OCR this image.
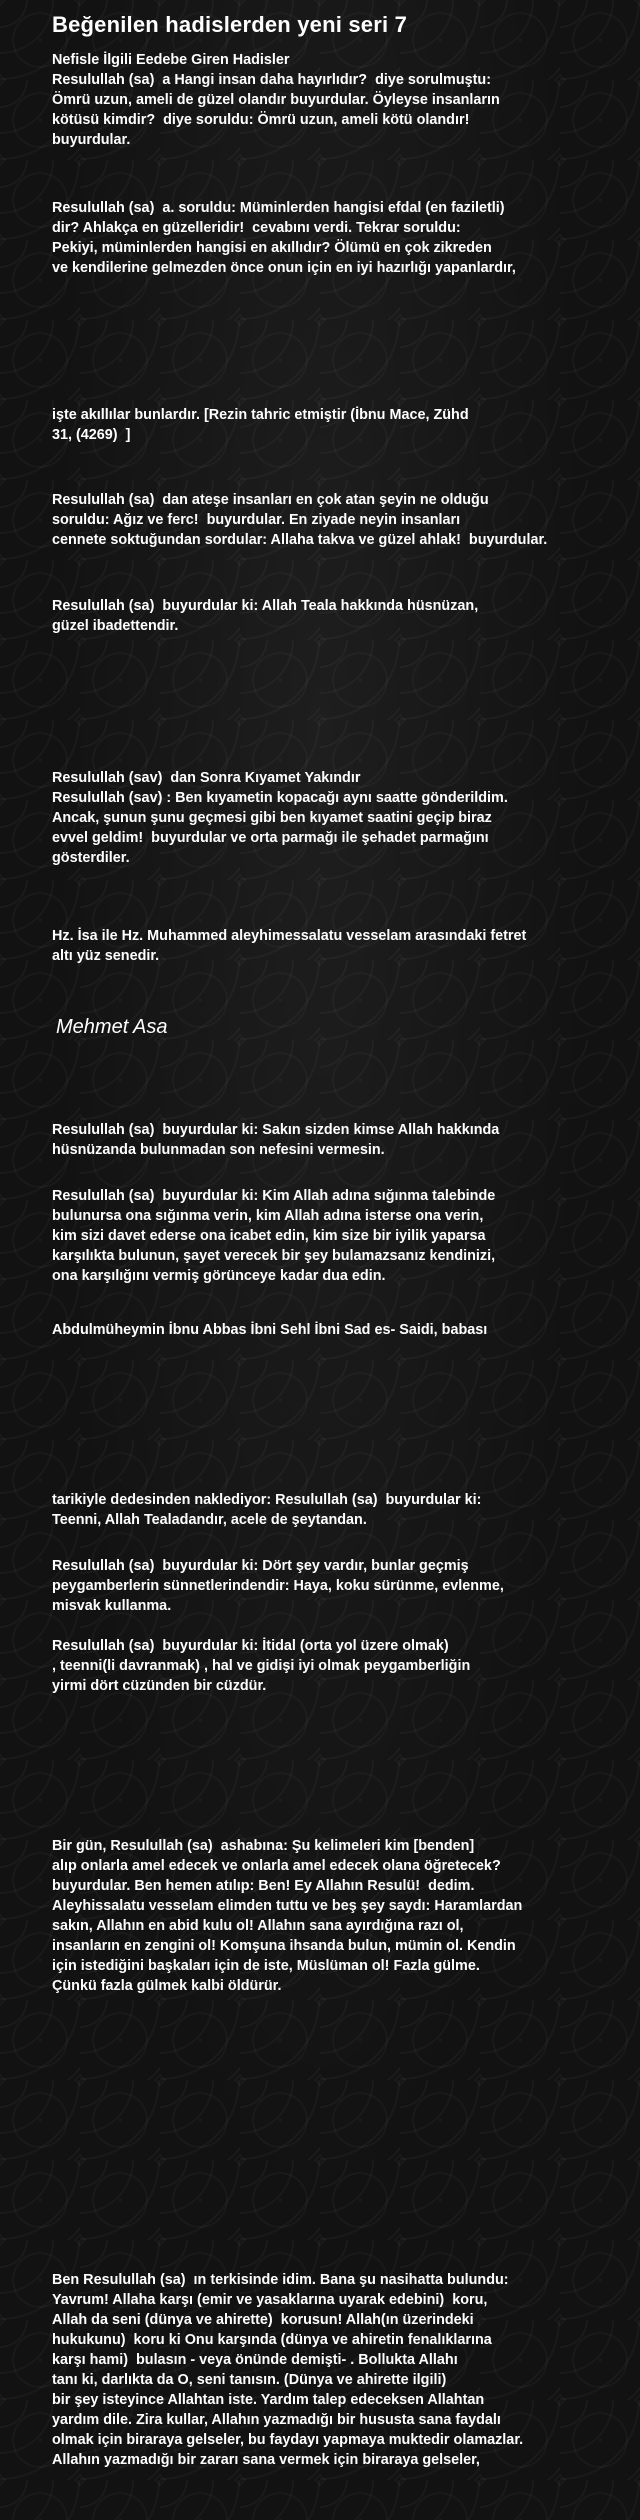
Beğenilen hadislerden yeni seri 7
Nefisle İlgili Eedebe Giren Hadisler
Resulullah (sa)  a Hangi insan daha hayırlıdır?  diye sorulmuştu:
Ömrü uzun, ameli de güzel olandır buyurdular. Öyleyse insanların
kötüsü kimdir?  diye soruldu: Ömrü uzun, ameli kötü olandır!
buyurdular.
Resulullah (sa)  a. soruldu: Müminlerden hangisi efdal (en faziletli)
dir? Ahlakça en güzelleridir!  cevabını verdi. Tekrar soruldu:
Pekiyi, müminlerden hangisi en akıllıdır? Ölümü en çok zikreden
ve kendilerine gelmezden önce onun için en iyi hazırlığı yapanlardır,
işte akıllılar bunlardır. [Rezin tahric etmiştir (İbnu Mace, Zühd
31, (4269)  ]
Resulullah (sa)  dan ateşe insanları en çok atan şeyin ne olduğu
soruldu: Ağız ve ferc!  buyurdular. En ziyade neyin insanları
cennete soktuğundan sordular: Allaha takva ve güzel ahlak!  buyurdular.
Resulullah (sa)  buyurdular ki: Allah Teala hakkında hüsnüzan,
güzel ibadettendir.
Resulullah (sav)  dan Sonra Kıyamet Yakındır
Resulullah (sav) : Ben kıyametin kopacağı aynı saatte gönderildim.
Ancak, şunun şunu geçmesi gibi ben kıyamet saatini geçip biraz
evvel geldim!  buyurdular ve orta parmağı ile şehadet parmağını
gösterdiler.
Hz. İsa ile Hz. Muhammed aleyhimessalatu vesselam arasındaki fetret
altı yüz senedir.
Mehmet Asa
Resulullah (sa)  buyurdular ki: Sakın sizden kimse Allah hakkında
hüsnüzanda bulunmadan son nefesini vermesin.
Resulullah (sa)  buyurdular ki: Kim Allah adına sığınma talebinde
bulunursa ona sığınma verin, kim Allah adına isterse ona verin,
kim sizi davet ederse ona icabet edin, kim size bir iyilik yaparsa
karşılıkta bulunun, şayet verecek bir şey bulamazsanız kendinizi,
ona karşılığını vermiş görünceye kadar dua edin.
Abdulmüheymin İbnu Abbas İbni Sehl İbni Sad es- Saidi, babası
tarikiyle dedesinden naklediyor: Resulullah (sa)  buyurdular ki:
Teenni, Allah Tealadandır, acele de şeytandan.
Resulullah (sa)  buyurdular ki: Dört şey vardır, bunlar geçmiş
peygamberlerin sünnetlerindendir: Haya, koku sürünme, evlenme,
misvak kullanma.
Resulullah (sa)  buyurdular ki: İtidal (orta yol üzere olmak)
, teenni(li davranmak) , hal ve gidişi iyi olmak peygamberliğin
yirmi dört cüzünden bir cüzdür.
Bir gün, Resulullah (sa)  ashabına: Şu kelimeleri kim [benden]
alıp onlarla amel edecek ve onlarla amel edecek olana öğretecek?
buyurdular. Ben hemen atılıp: Ben! Ey Allahın Resulü!  dedim.
Aleyhissalatu vesselam elimden tuttu ve beş şey saydı: Haramlardan
sakın, Allahın en abid kulu ol! Allahın sana ayırdığına razı ol,
insanların en zengini ol! Komşuna ihsanda bulun, mümin ol. Kendin
için istediğini başkaları için de iste, Müslüman ol! Fazla gülme.
Çünkü fazla gülmek kalbi öldürür.
Ben Resulullah (sa)  ın terkisinde idim. Bana şu nasihatta bulundu:
Yavrum! Allaha karşı (emir ve yasaklarına uyarak edebini)  koru,
Allah da seni (dünya ve ahirette)  korusun! Allah(ın üzerindeki
hukukunu)  koru ki Onu karşında (dünya ve ahiretin fenalıklarına
karşı hami)  bulasın - veya önünde demişti- . Bollukta Allahı
tanı ki, darlıkta da O, seni tanısın. (Dünya ve ahirette ilgili)
bir şey isteyince Allahtan iste. Yardım talep edeceksen Allahtan
yardım dile. Zira kullar, Allahın yazmadığı bir hususta sana faydalı
olmak için biraraya gelseler, bu faydayı yapmaya muktedir olamazlar.
Allahın yazmadığı bir zararı sana vermek için biraraya gelseler,
